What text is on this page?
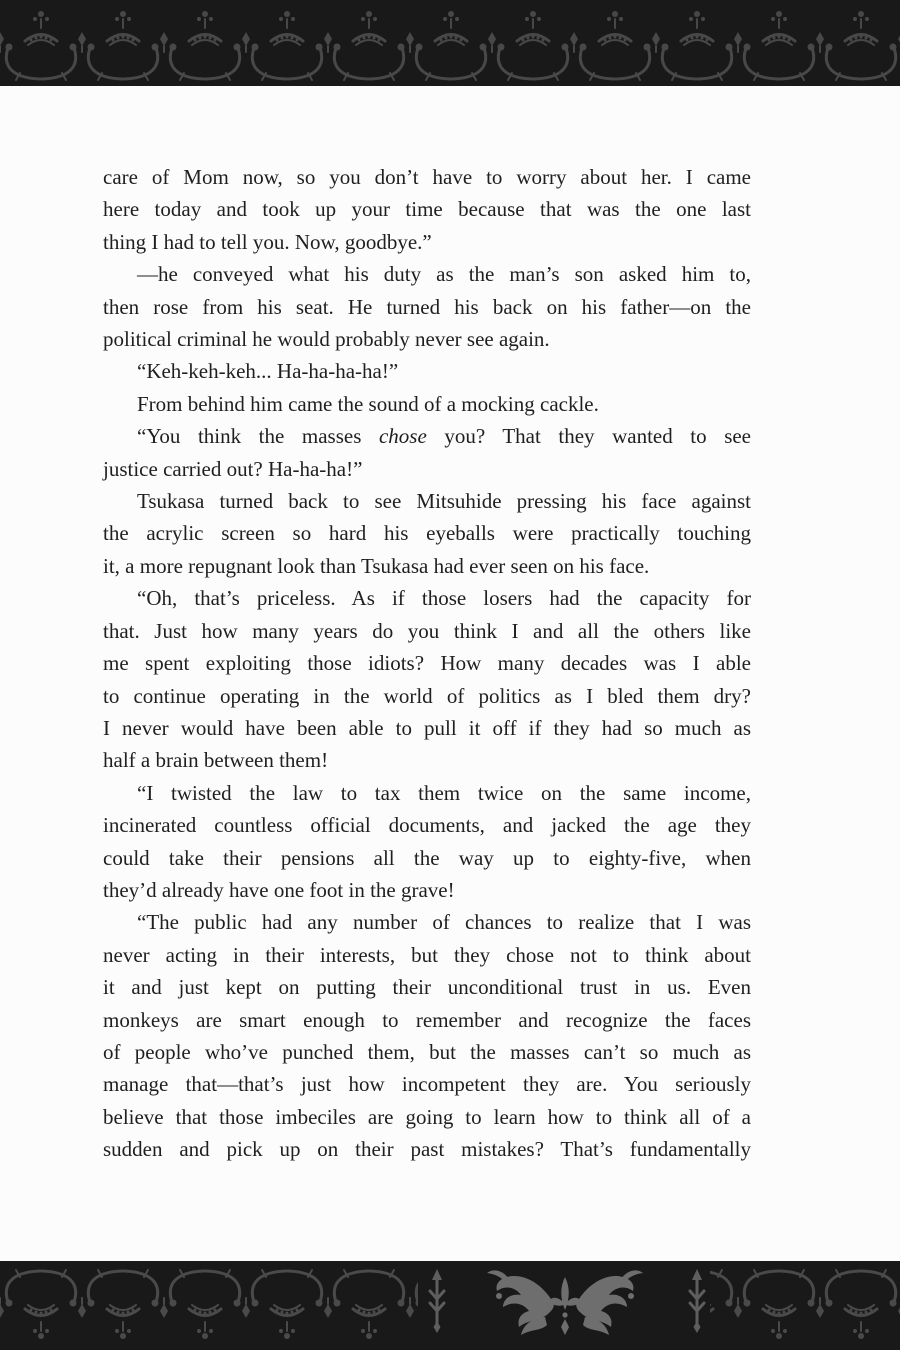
care of Mom now, so you don’t have to worry about her. I came
here today and took up your time because that was the one last
thing I had to tell you. Now, goodbye.”

—he conveyed what his duty as the man’s son asked him to,
then rose from his seat. He turned his back on his father—on the
political criminal he would probably never see again.

“Keh-keh-keh... Ha-ha-ha-ha!”

From behind him came the sound of a mocking cackle.

“You think the masses chose you? That they wanted to see
justice carried out? Ha-ha-ha!”

Tsukasa turned back to see Mitsuhide pressing his face against
the acrylic screen so hard his eyeballs were practically touching
it, a more repugnant look than Tsukasa had ever seen on his face.

“Oh, that’s priceless. As if those losers had the capacity for
that. Just how many years do you think I and all the others like
me spent exploiting those idiots? How many decades was I able
to continue operating in the world of politics as I bled them dry?
I never would have been able to pull it off if they had so much as
half a brain between them!

“I twisted the law to tax them twice on the same income,
incinerated countless official documents, and jacked the age they
could take their pensions all the way up to eighty-five, when
they’d already have one foot in the grave!

“The public had any number of chances to realize that I was
never acting in their interests, but they chose not to think about
it and just kept on putting their unconditional trust in us. Even
monkeys are smart enough to remember and recognize the faces
of people who’ve punched them, but the masses can’t so much as
manage that—that’s just how incompetent they are. You seriously
believe that those imbeciles are going to learn how to think all of a
sudden and pick up on their past mistakes? That’s fundamentally
